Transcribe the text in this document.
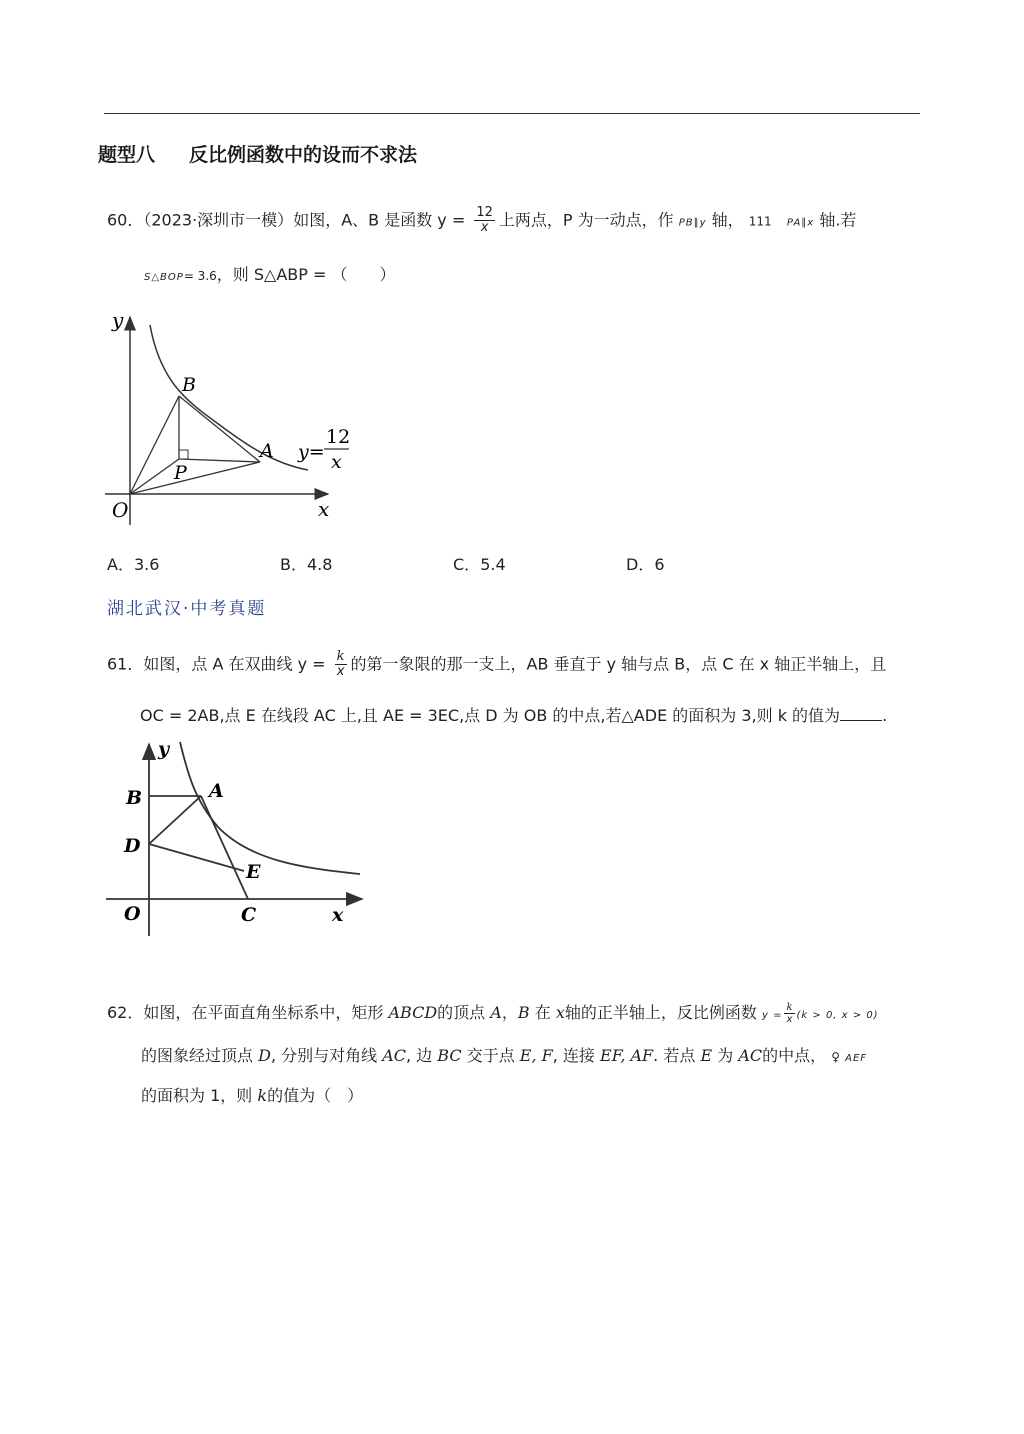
题型八 反比例函数中的设而不求法
60．（2023·深圳市一模）如图，A、B 是函数 $y = \frac{12}{x}$ 上两点，P 为一动点，作 PB∥y 轴， 111 PA∥x 轴.若
S△BOP= 3.6，则 S△ABP = （　　）
y
x
O
B
A
P
y=
12
x
A．3.6	B．4.8	C．5.4	D．6
湖北武汉·中考真题
61．如图，点 A 在双曲线 $y = \frac{k}{x}$ 的第一象限的那一支上，AB 垂直于 y 轴与点 B，点 C 在 x 轴正半轴上，且
OC = 2AB,点 E 在线段 AC 上,且 AE = 3EC,点 D 为 OB 的中点,若△ADE 的面积为 3,则 k 的值为	.
y
x
O
B	A
D
E
C
62．如图，在平面直角坐标系中，矩形 ABCD的顶点 A，B 在 x轴的正半轴上，反比例函数 $y = \frac{k}{x} (k > 0$, x > 0)
的图象经过顶点 D, 分别与对角线 AC, 边 BC 交于点 E, F, 连接 EF, AF. 若点 E 为 AC的中点， ♀ AEF
的面积为 1，则 k的值为（　）
